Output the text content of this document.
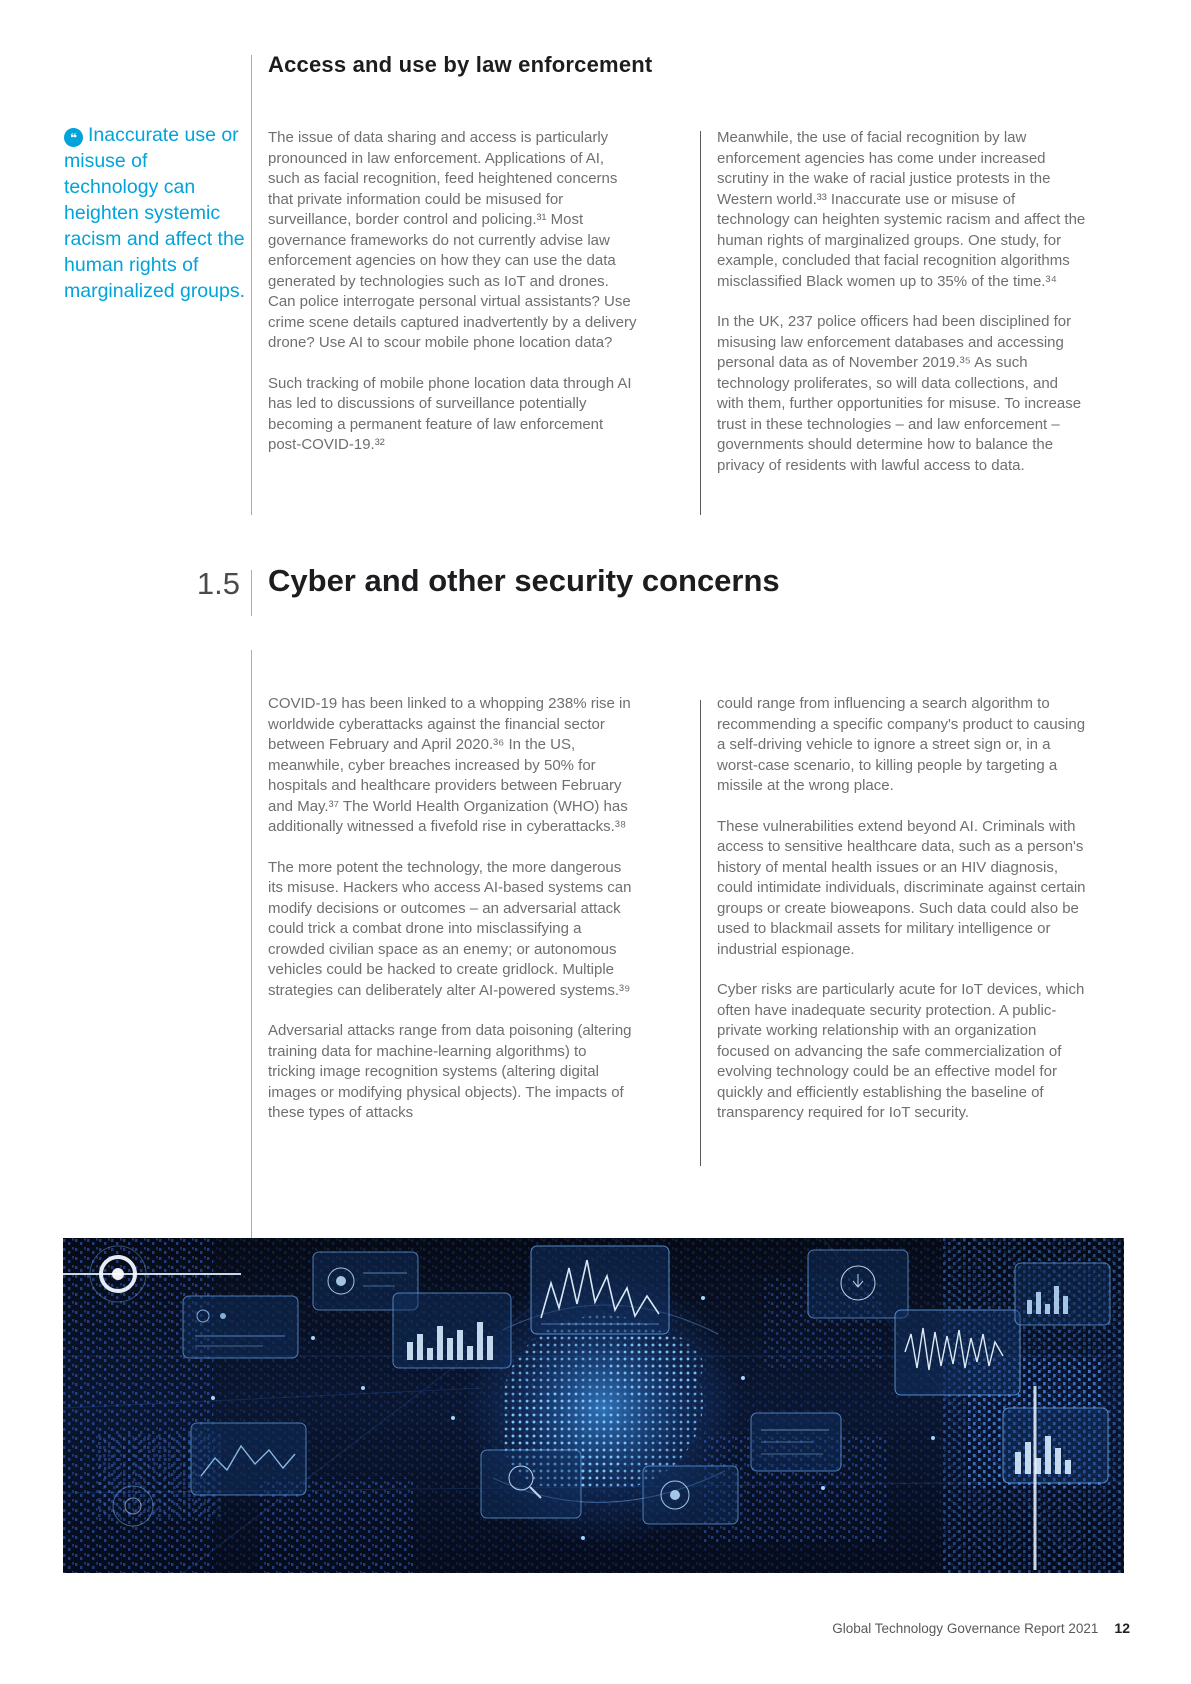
Access and use by law enforcement
❝ Inaccurate use or misuse of technology can heighten systemic racism and affect the human rights of marginalized groups.

The issue of data sharing and access is particularly pronounced in law enforcement. Applications of AI, such as facial recognition, feed heightened concerns that private information could be misused for surveillance, border control and policing.³¹ Most governance frameworks do not currently advise law enforcement agencies on how they can use the data generated by technologies such as IoT and drones. Can police interrogate personal virtual assistants? Use crime scene details captured inadvertently by a delivery drone? Use AI to scour mobile phone location data?

Such tracking of mobile phone location data through AI has led to discussions of surveillance potentially becoming a permanent feature of law enforcement post-COVID-19.³²

Meanwhile, the use of facial recognition by law enforcement agencies has come under increased scrutiny in the wake of racial justice protests in the Western world.³³ Inaccurate use or misuse of technology can heighten systemic racism and affect the human rights of marginalized groups. One study, for example, concluded that facial recognition algorithms misclassified Black women up to 35% of the time.³⁴

In the UK, 237 police officers had been disciplined for misusing law enforcement databases and accessing personal data as of November 2019.³⁵ As such technology proliferates, so will data collections, and with them, further opportunities for misuse. To increase trust in these technologies – and law enforcement – governments should determine how to balance the privacy of residents with lawful access to data.

1.5 Cyber and other security concerns

COVID-19 has been linked to a whopping 238% rise in worldwide cyberattacks against the financial sector between February and April 2020.³⁶ In the US, meanwhile, cyber breaches increased by 50% for hospitals and healthcare providers between February and May.³⁷ The World Health Organization (WHO) has additionally witnessed a fivefold rise in cyberattacks.³⁸

The more potent the technology, the more dangerous its misuse. Hackers who access AI-based systems can modify decisions or outcomes – an adversarial attack could trick a combat drone into misclassifying a crowded civilian space as an enemy; or autonomous vehicles could be hacked to create gridlock. Multiple strategies can deliberately alter AI-powered systems.³⁹

Adversarial attacks range from data poisoning (altering training data for machine-learning algorithms) to tricking image recognition systems (altering digital images or modifying physical objects). The impacts of these types of attacks

could range from influencing a search algorithm to recommending a specific company's product to causing a self-driving vehicle to ignore a street sign or, in a worst-case scenario, to killing people by targeting a missile at the wrong place.

These vulnerabilities extend beyond AI. Criminals with access to sensitive healthcare data, such as a person's history of mental health issues or an HIV diagnosis, could intimidate individuals, discriminate against certain groups or create bioweapons. Such data could also be used to blackmail assets for military intelligence or industrial espionage.

Cyber risks are particularly acute for IoT devices, which often have inadequate security protection. A public-private working relationship with an organization focused on advancing the safe commercialization of evolving technology could be an effective model for quickly and efficiently establishing the baseline of transparency required for IoT security.

Global Technology Governance Report 2021 12
